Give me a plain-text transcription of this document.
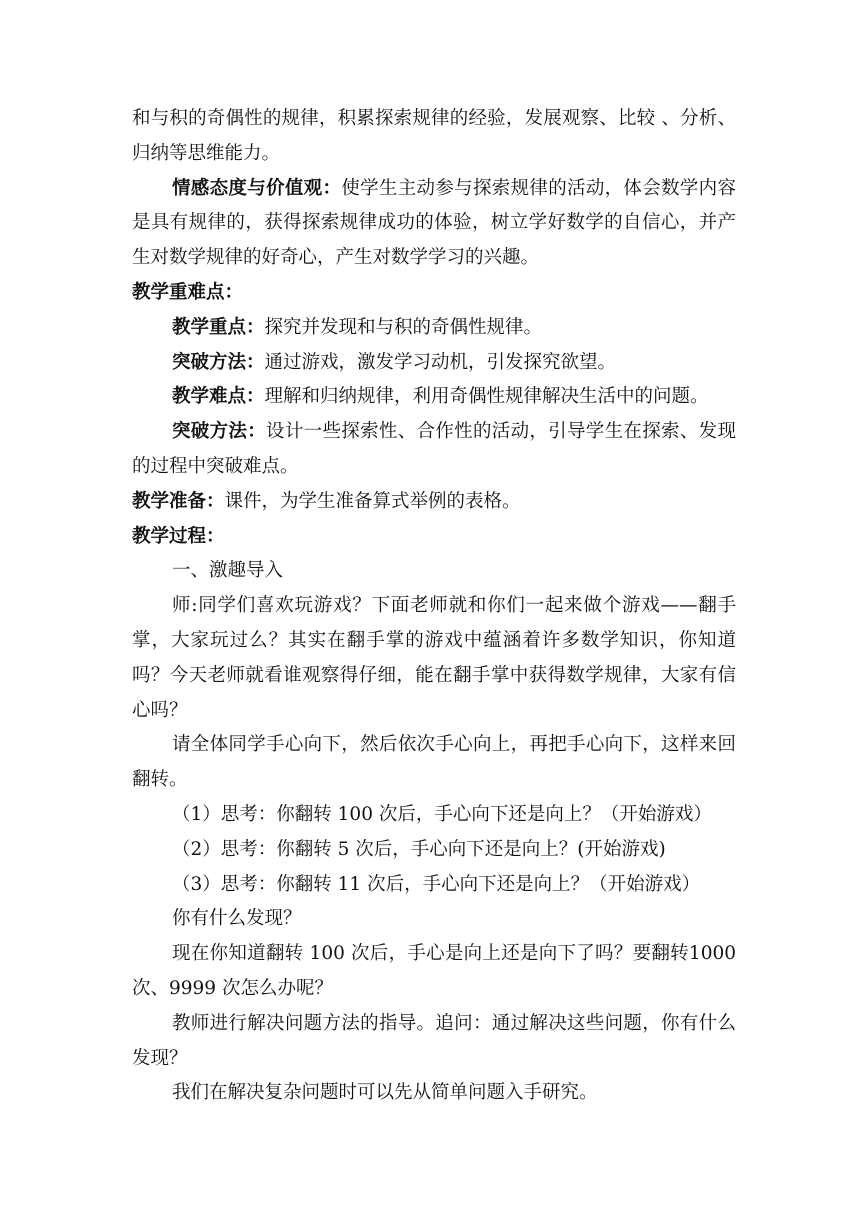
和与积的奇偶性的规律，积累探索规律的经验，发展观察、比较 、分析、归纳等思维能力。

情感态度与价值观：使学生主动参与探索规律的活动，体会数学内容是具有规律的，获得探索规律成功的体验，树立学好数学的自信心，并产生对数学规律的好奇心，产生对数学学习的兴趣。

教学重难点：

教学重点：探究并发现和与积的奇偶性规律。

突破方法：通过游戏，激发学习动机，引发探究欲望。

教学难点：理解和归纳规律，利用奇偶性规律解决生活中的问题。

突破方法：设计一些探索性、合作性的活动，引导学生在探索、发现的过程中突破难点。

教学准备：课件，为学生准备算式举例的表格。

教学过程：

一、激趣导入

师:同学们喜欢玩游戏？下面老师就和你们一起来做个游戏——翻手掌，大家玩过么？其实在翻手掌的游戏中蕴涵着许多数学知识，你知道吗？今天老师就看谁观察得仔细，能在翻手掌中获得数学规律，大家有信心吗？

请全体同学手心向下，然后依次手心向上，再把手心向下，这样来回翻转。

（1）思考：你翻转 100 次后，手心向下还是向上？（开始游戏）

（2）思考：你翻转 5 次后，手心向下还是向上？(开始游戏)

（3）思考：你翻转 11 次后，手心向下还是向上？（开始游戏）

你有什么发现？

现在你知道翻转 100 次后，手心是向上还是向下了吗？要翻转1000 次、9999 次怎么办呢？

教师进行解决问题方法的指导。追问：通过解决这些问题，你有什么发现？

我们在解决复杂问题时可以先从简单问题入手研究。
